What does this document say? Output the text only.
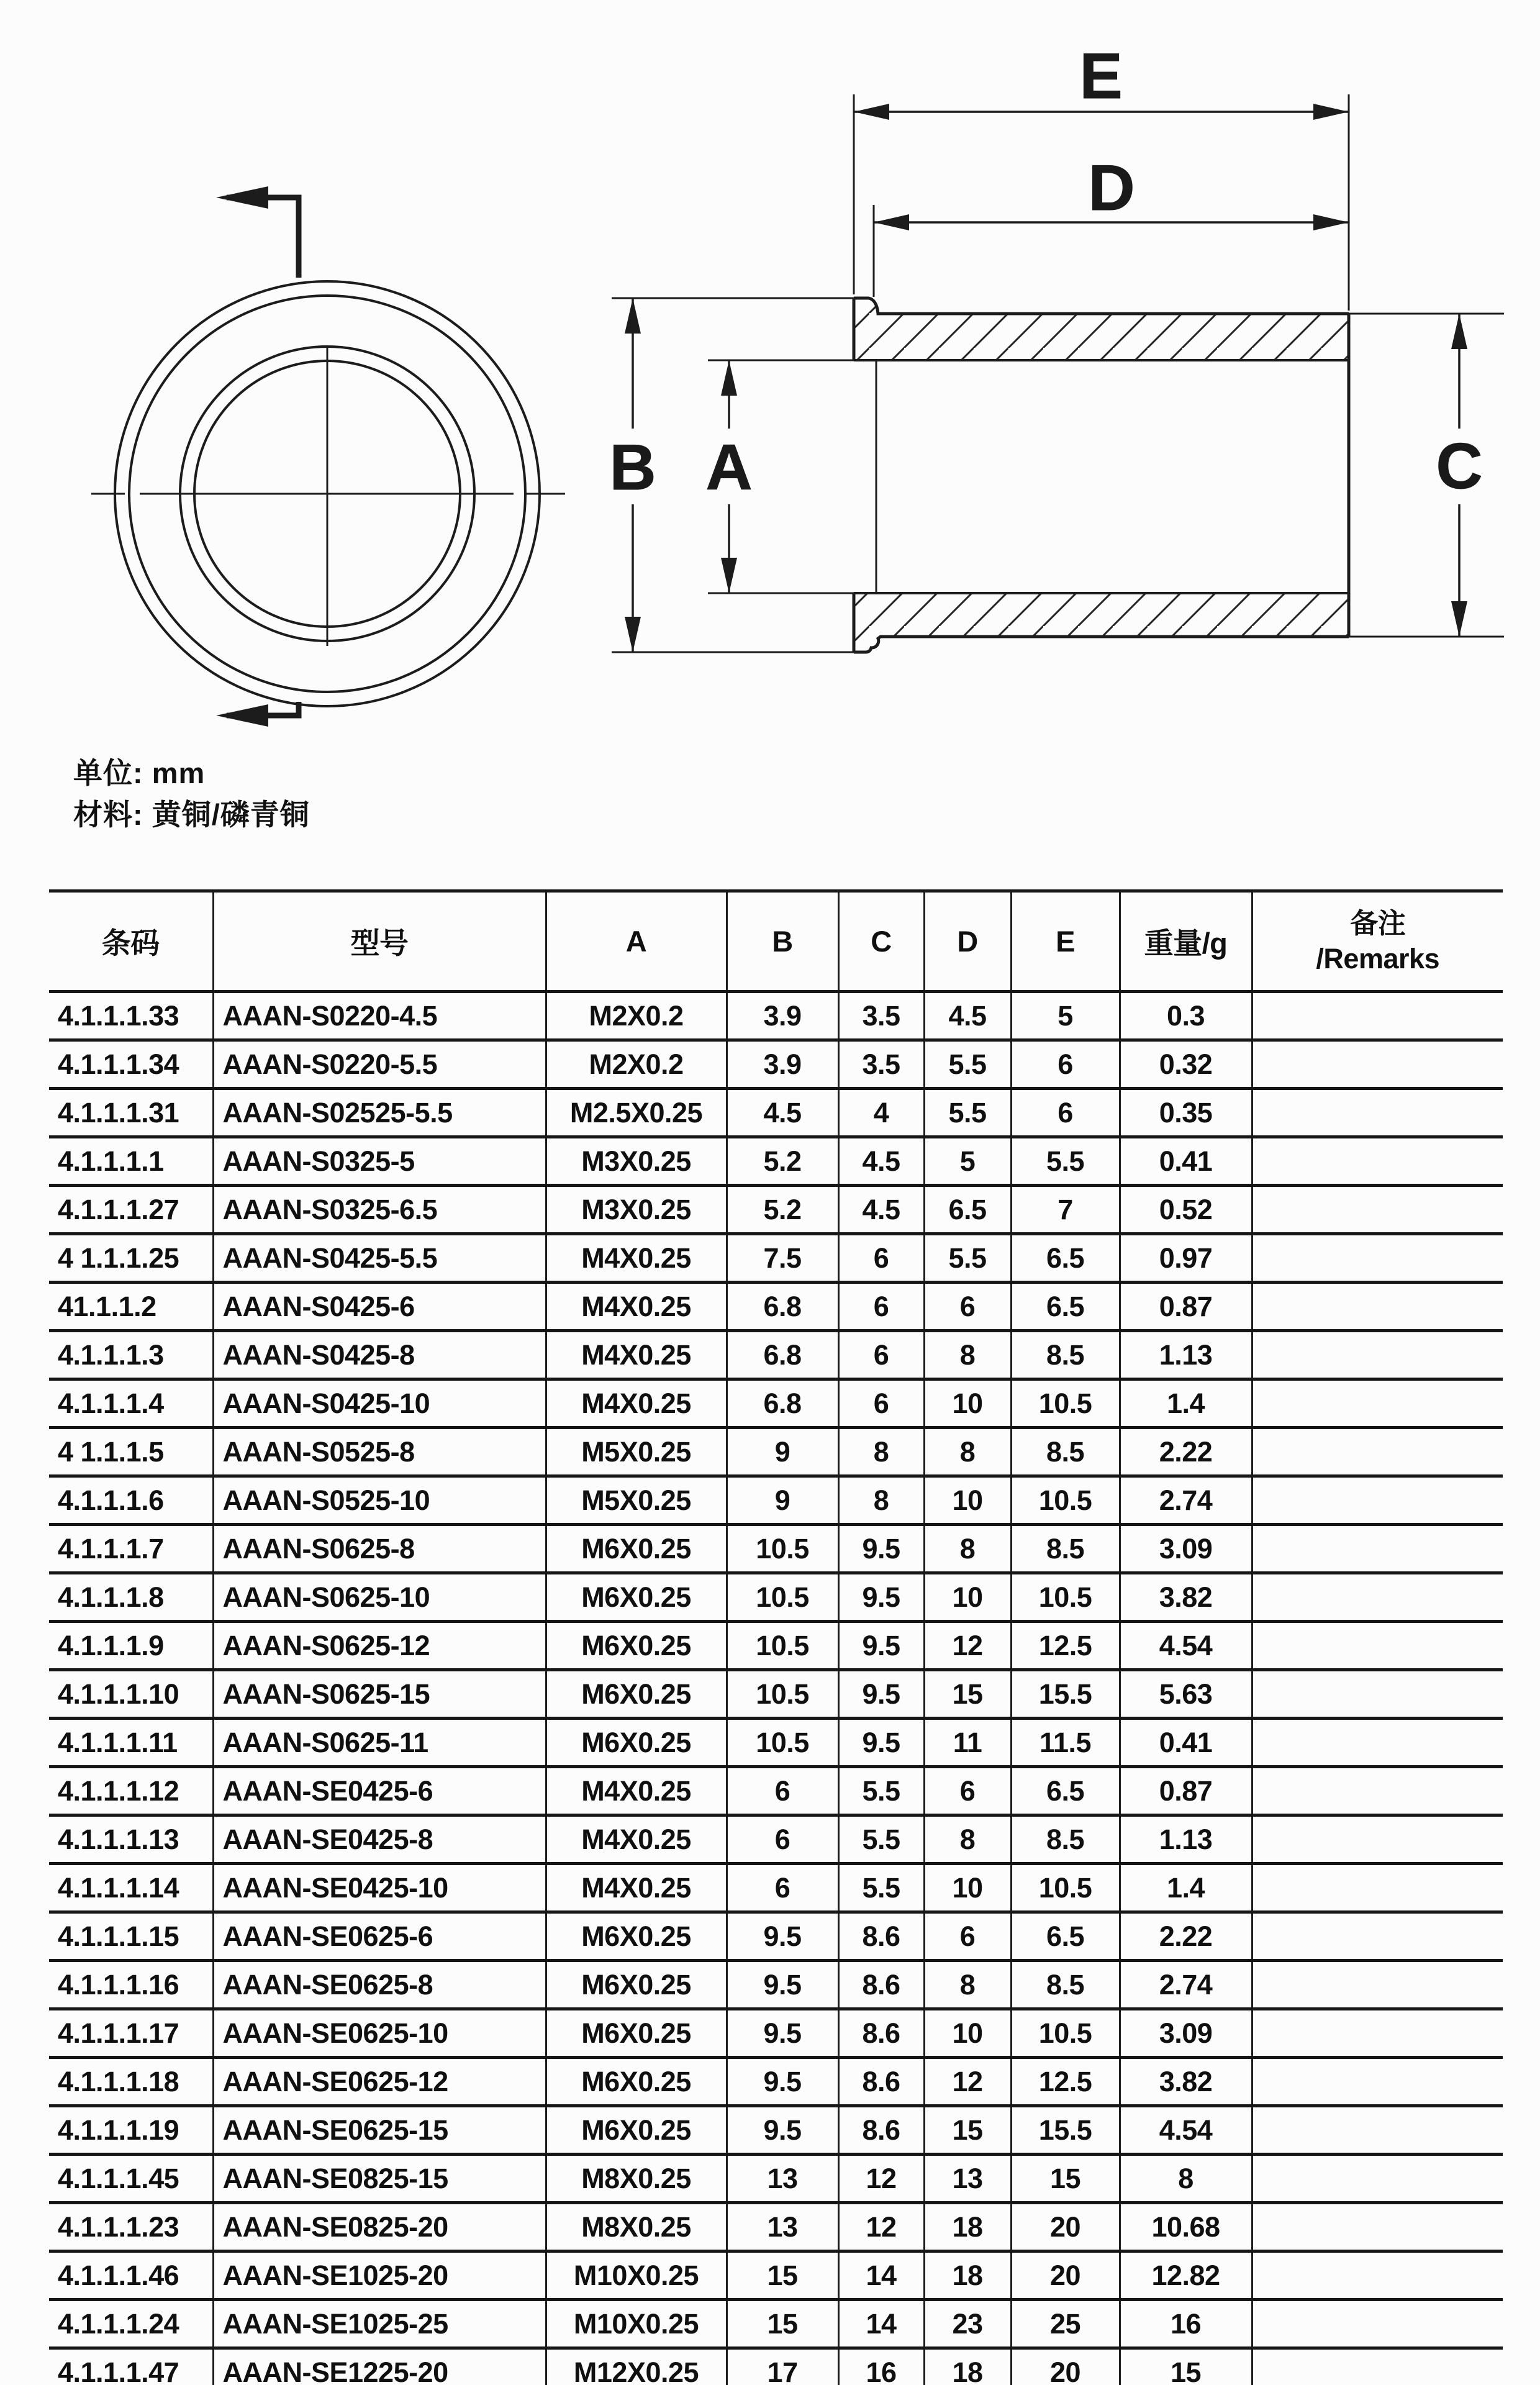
E
D
B A	C
单位: mm
材料: 黄铜/磷青铜
条码	型号	A	B	C	D	E	重量/g	备注
/Remarks

4.1.1.1.33	AAAN-S0220-4.5	M2X0.2	3.9	3.5	4.5	5	0.3	
4.1.1.1.34	AAAN-S0220-5.5	M2X0.2	3.9	3.5	5.5	6	0.32	
4.1.1.1.31	AAAN-S02525-5.5	M2.5X0.25	4.5	4	5.5	6	0.35	
4.1.1.1.1	AAAN-S0325-5	M3X0.25	5.2	4.5	5	5.5	0.41	
4.1.1.1.27	AAAN-S0325-6.5	M3X0.25	5.2	4.5	6.5	7	0.52	
4 1.1.1.25	AAAN-S0425-5.5	M4X0.25	7.5	6	5.5	6.5	0.97	
41.1.1.2	AAAN-S0425-6	M4X0.25	6.8	6	6	6.5	0.87	
4.1.1.1.3	AAAN-S0425-8	M4X0.25	6.8	6	8	8.5	1.13	
4.1.1.1.4	AAAN-S0425-10	M4X0.25	6.8	6	10	10.5	1.4	
4 1.1.1.5	AAAN-S0525-8	M5X0.25	9	8	8	8.5	2.22	
4.1.1.1.6	AAAN-S0525-10	M5X0.25	9	8	10	10.5	2.74	
4.1.1.1.7	AAAN-S0625-8	M6X0.25	10.5	9.5	8	8.5	3.09	
4.1.1.1.8	AAAN-S0625-10	M6X0.25	10.5	9.5	10	10.5	3.82	
4.1.1.1.9	AAAN-S0625-12	M6X0.25	10.5	9.5	12	12.5	4.54	
4.1.1.1.10	AAAN-S0625-15	M6X0.25	10.5	9.5	15	15.5	5.63	
4.1.1.1.11	AAAN-S0625-11	M6X0.25	10.5	9.5	11	11.5	0.41	
4.1.1.1.12	AAAN-SE0425-6	M4X0.25	6	5.5	6	6.5	0.87	
4.1.1.1.13	AAAN-SE0425-8	M4X0.25	6	5.5	8	8.5	1.13	
4.1.1.1.14	AAAN-SE0425-10	M4X0.25	6	5.5	10	10.5	1.4	
4.1.1.1.15	AAAN-SE0625-6	M6X0.25	9.5	8.6	6	6.5	2.22	
4.1.1.1.16	AAAN-SE0625-8	M6X0.25	9.5	8.6	8	8.5	2.74	
4.1.1.1.17	AAAN-SE0625-10	M6X0.25	9.5	8.6	10	10.5	3.09	
4.1.1.1.18	AAAN-SE0625-12	M6X0.25	9.5	8.6	12	12.5	3.82	
4.1.1.1.19	AAAN-SE0625-15	M6X0.25	9.5	8.6	15	15.5	4.54	
4.1.1.1.45	AAAN-SE0825-15	M8X0.25	13	12	13	15	8	
4.1.1.1.23	AAAN-SE0825-20	M8X0.25	13	12	18	20	10.68	
4.1.1.1.46	AAAN-SE1025-20	M10X0.25	15	14	18	20	12.82	
4.1.1.1.24	AAAN-SE1025-25	M10X0.25	15	14	23	25	16	
4.1.1.1.47	AAAN-SE1225-20	M12X0.25	17	16	18	20	15	
